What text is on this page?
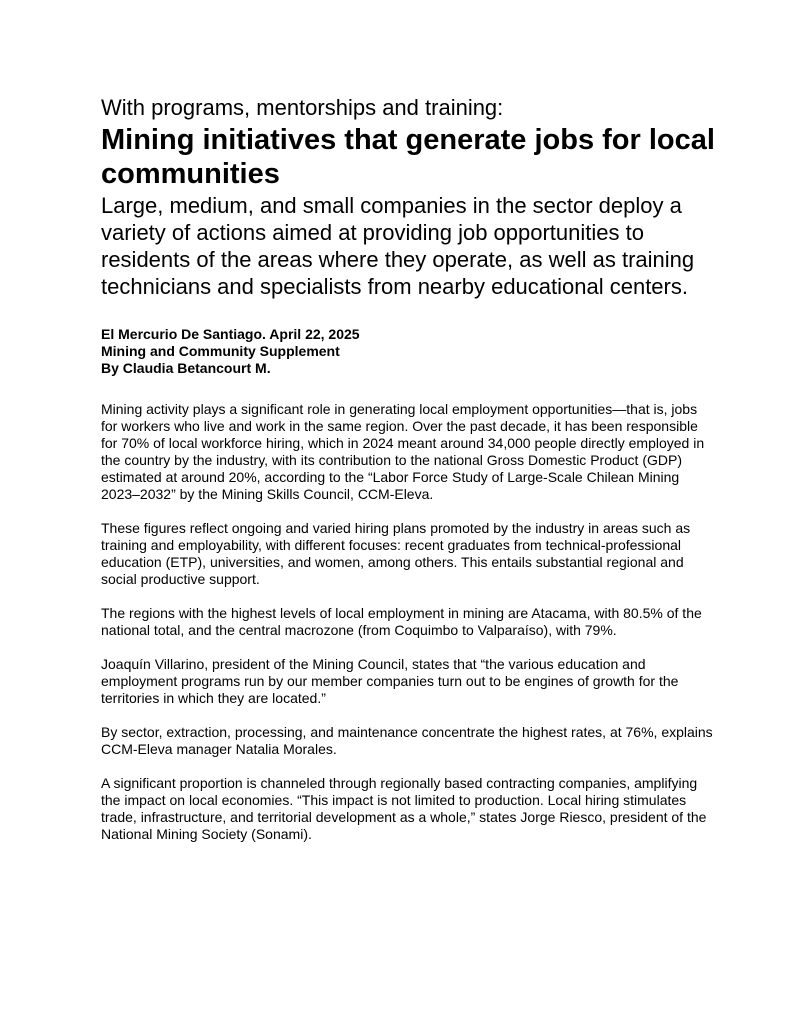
With programs, mentorships and training:
Mining initiatives that generate jobs for local communities

Large, medium, and small companies in the sector deploy a variety of actions aimed at providing job opportunities to residents of the areas where they operate, as well as training technicians and specialists from nearby educational centers.

El Mercurio De Santiago. April 22, 2025
Mining and Community Supplement
By Claudia Betancourt M.

Mining activity plays a significant role in generating local employment opportunities—that is, jobs for workers who live and work in the same region. Over the past decade, it has been responsible for 70% of local workforce hiring, which in 2024 meant around 34,000 people directly employed in the country by the industry, with its contribution to the national Gross Domestic Product (GDP) estimated at around 20%, according to the “Labor Force Study of Large-Scale Chilean Mining 2023–2032” by the Mining Skills Council, CCM-Eleva.

These figures reflect ongoing and varied hiring plans promoted by the industry in areas such as training and employability, with different focuses: recent graduates from technical-professional education (ETP), universities, and women, among others. This entails substantial regional and social productive support.

The regions with the highest levels of local employment in mining are Atacama, with 80.5% of the national total, and the central macrozone (from Coquimbo to Valparaíso), with 79%.

Joaquín Villarino, president of the Mining Council, states that “the various education and employment programs run by our member companies turn out to be engines of growth for the territories in which they are located.”

By sector, extraction, processing, and maintenance concentrate the highest rates, at 76%, explains CCM-Eleva manager Natalia Morales.

A significant proportion is channeled through regionally based contracting companies, amplifying the impact on local economies. “This impact is not limited to production. Local hiring stimulates trade, infrastructure, and territorial development as a whole,” states Jorge Riesco, president of the National Mining Society (Sonami).
